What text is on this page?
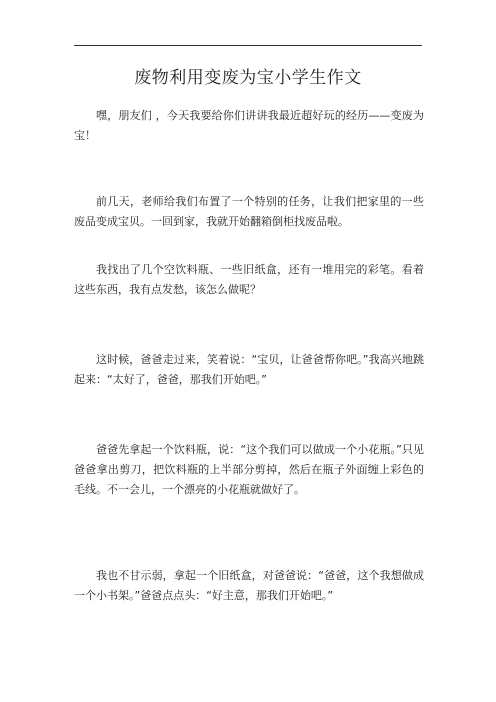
废物利用变废为宝小学生作文

嘿，朋友们 ，今天我要给你们讲讲我最近超好玩的经历——变废为宝！

前几天，老师给我们布置了一个特别的任务，让我们把家里的一些废品变成宝贝。一回到家，我就开始翻箱倒柜找废品啦。

我找出了几个空饮料瓶、一些旧纸盒，还有一堆用完的彩笔。看着这些东西，我有点发愁，该怎么做呢？

这时候，爸爸走过来，笑着说：“宝贝，让爸爸帮你吧。”我高兴地跳起来：“太好了，爸爸，那我们开始吧。”

爸爸先拿起一个饮料瓶，说：“这个我们可以做成一个小花瓶。”只见爸爸拿出剪刀，把饮料瓶的上半部分剪掉，然后在瓶子外面缠上彩色的毛线。不一会儿，一个漂亮的小花瓶就做好了。

我也不甘示弱，拿起一个旧纸盒，对爸爸说：“爸爸，这个我想做成一个小书架。”爸爸点点头：“好主意，那我们开始吧。”
